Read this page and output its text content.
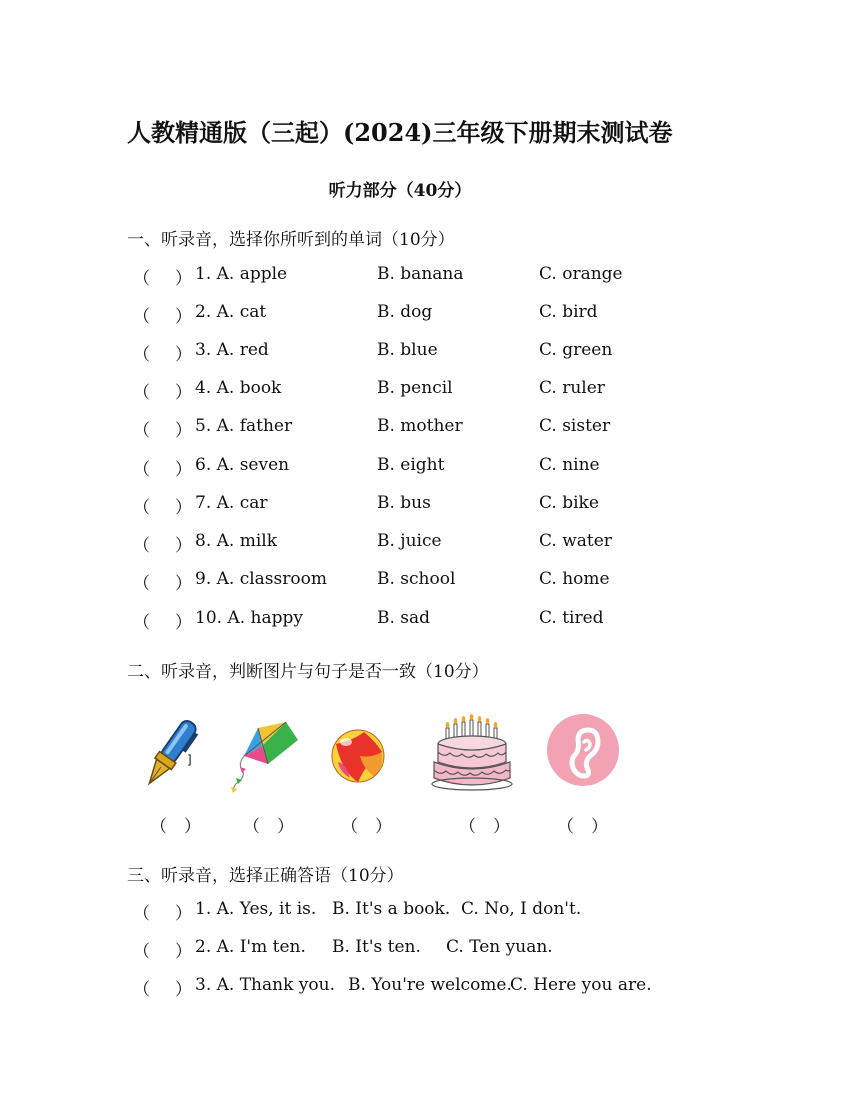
人教精通版（三起）(2024)三年级下册期末测试卷
听力部分（40分）
一、听录音，选择你所听到的单词（10分）
（ ） 1. A. apple	B. banana	C. orange
（ ） 2. A. cat	B. dog	C. bird
（ ） 3. A. red	B. blue	C. green
（ ） 4. A. book	B. pencil	C. ruler
（ ） 5. A. father	B. mother	C. sister
（ ） 6. A. seven	B. eight	C. nine
（ ） 7. A. car	B. bus	C. bike
（ ） 8. A. milk	B. juice	C. water
（ ） 9. A. classroom	B. school	C. home
（ ） 10. A. happy	B. sad	C. tired
二、听录音，判断图片与句子是否一致（10分）
]
（　） （　）	（　）	（　）	（　）
三、听录音，选择正确答语（10分）
（ ） 1. A. Yes, it is. B. It's a book. C. No, I don't.
（ ） 2. A. I'm ten. B. It's ten. C. Ten yuan.
（ ） 3. A. Thank you. B. You're welcome.
C. Here you are.
